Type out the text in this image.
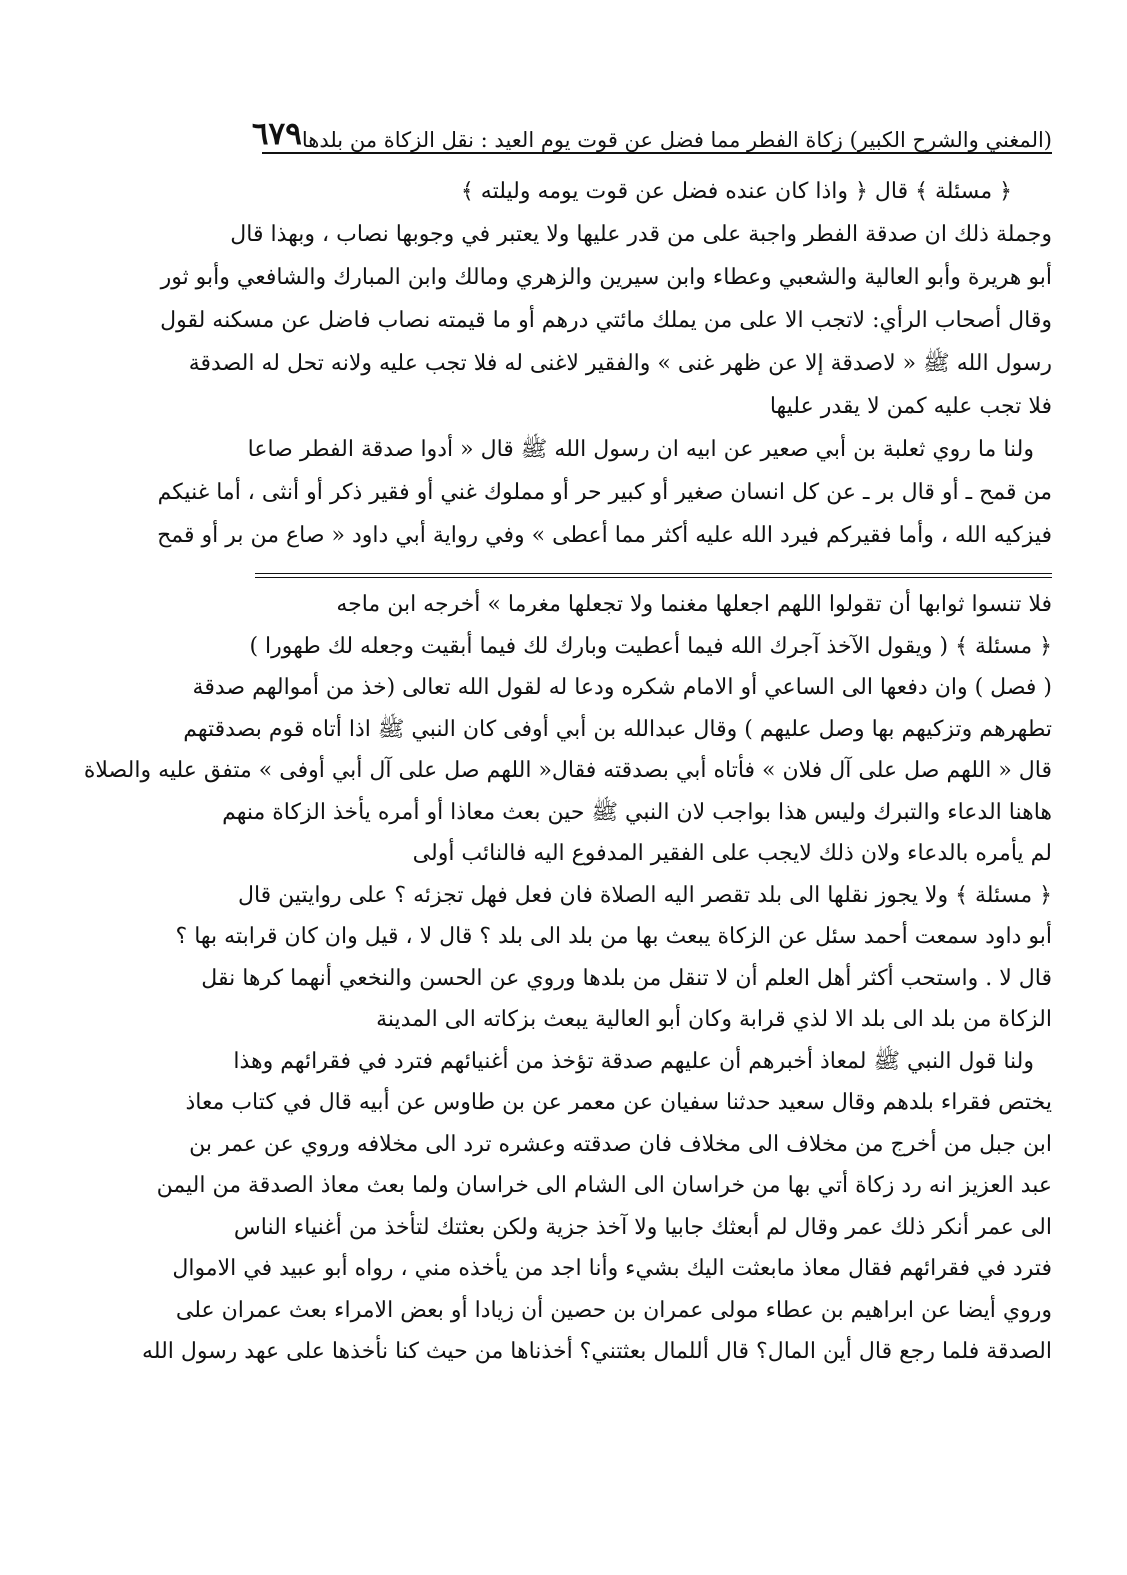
(المغني والشرح الكبير) زكاة الفطر مما فضل عن قوت يوم العيد : نقل الزكاة من بلدها
٦٧٩
﴿ مسئلة ﴾ قال ﴿ واذا كان عنده فضل عن قوت يومه وليلته ﴾
وجملة ذلك ان صدقة الفطر واجبة على من قدر عليها ولا يعتبر في وجوبها نصاب ، وبهذا قال
أبو هريرة وأبو العالية والشعبي وعطاء وابن سيرين والزهري ومالك وابن المبارك والشافعي وأبو ثور
وقال أصحاب الرأي: لاتجب الا على من يملك مائتي درهم أو ما قيمته نصاب فاضل عن مسكنه لقول
رسول الله ﷺ « لاصدقة إلا عن ظهر غنى » والفقير لاغنى له فلا تجب عليه ولانه تحل له الصدقة
فلا تجب عليه كمن لا يقدر عليها
ولنا ما روي ثعلبة بن أبي صعير عن ابيه ان رسول الله ﷺ قال « أدوا صدقة الفطر صاعا
من قمح ـ أو قال بر ـ عن كل انسان صغير أو كبير حر أو مملوك غني أو فقير ذكر أو أنثى ، أما غنيكم
فيزكيه الله ، وأما فقيركم فيرد الله عليه أكثر مما أعطى » وفي رواية أبي داود « صاع من بر أو قمح
فلا تنسوا ثوابها أن تقولوا اللهم اجعلها مغنما ولا تجعلها مغرما » أخرجه ابن ماجه
﴿ مسئلة ﴾ ( ويقول الآخذ آجرك الله فيما أعطيت وبارك لك فيما أبقيت وجعله لك طهورا )
( فصل ) وان دفعها الى الساعي أو الامام شكره ودعا له لقول الله تعالى (خذ من أموالهم صدقة
تطهرهم وتزكيهم بها وصل عليهم ) وقال عبدالله بن أبي أوفى كان النبي ﷺ اذا أتاه قوم بصدقتهم
قال « اللهم صل على آل فلان » فأتاه أبي بصدقته فقال« اللهم صل على آل أبي أوفى » متفق عليه والصلاة
هاهنا الدعاء والتبرك وليس هذا بواجب لان النبي ﷺ حين بعث معاذا أو أمره يأخذ الزكاة منهم
لم يأمره بالدعاء ولان ذلك لايجب على الفقير المدفوع اليه فالنائب أولى
﴿ مسئلة ﴾ ولا يجوز نقلها الى بلد تقصر اليه الصلاة فان فعل فهل تجزئه ؟ على روايتين قال
أبو داود سمعت أحمد سئل عن الزكاة يبعث بها من بلد الى بلد ؟ قال لا ، قيل وان كان قرابته بها ؟
قال لا . واستحب أكثر أهل العلم أن لا تنقل من بلدها وروي عن الحسن والنخعي أنهما كرها نقل
الزكاة من بلد الى بلد الا لذي قرابة وكان أبو العالية يبعث بزكاته الى المدينة
ولنا قول النبي ﷺ لمعاذ أخبرهم أن عليهم صدقة تؤخذ من أغنيائهم فترد في فقرائهم وهذا
يختص فقراء بلدهم وقال سعيد حدثنا سفيان عن معمر عن بن طاوس عن أبيه قال في كتاب معاذ
ابن جبل من أخرج من مخلاف الى مخلاف فان صدقته وعشره ترد الى مخلافه وروي عن عمر بن
عبد العزيز انه رد زكاة أتي بها من خراسان الى الشام الى خراسان ولما بعث معاذ الصدقة من اليمن
الى عمر أنكر ذلك عمر وقال لم أبعثك جابيا ولا آخذ جزية ولكن بعثتك لتأخذ من أغنياء الناس
فترد في فقرائهم فقال معاذ مابعثت اليك بشيء وأنا اجد من يأخذه مني ، رواه أبو عبيد في الاموال
وروي أيضا عن ابراهيم بن عطاء مولى عمران بن حصين أن زيادا أو بعض الامراء بعث عمران على
الصدقة فلما رجع قال أين المال؟ قال أللمال بعثتني؟ أخذناها من حيث كنا نأخذها على عهد رسول الله
